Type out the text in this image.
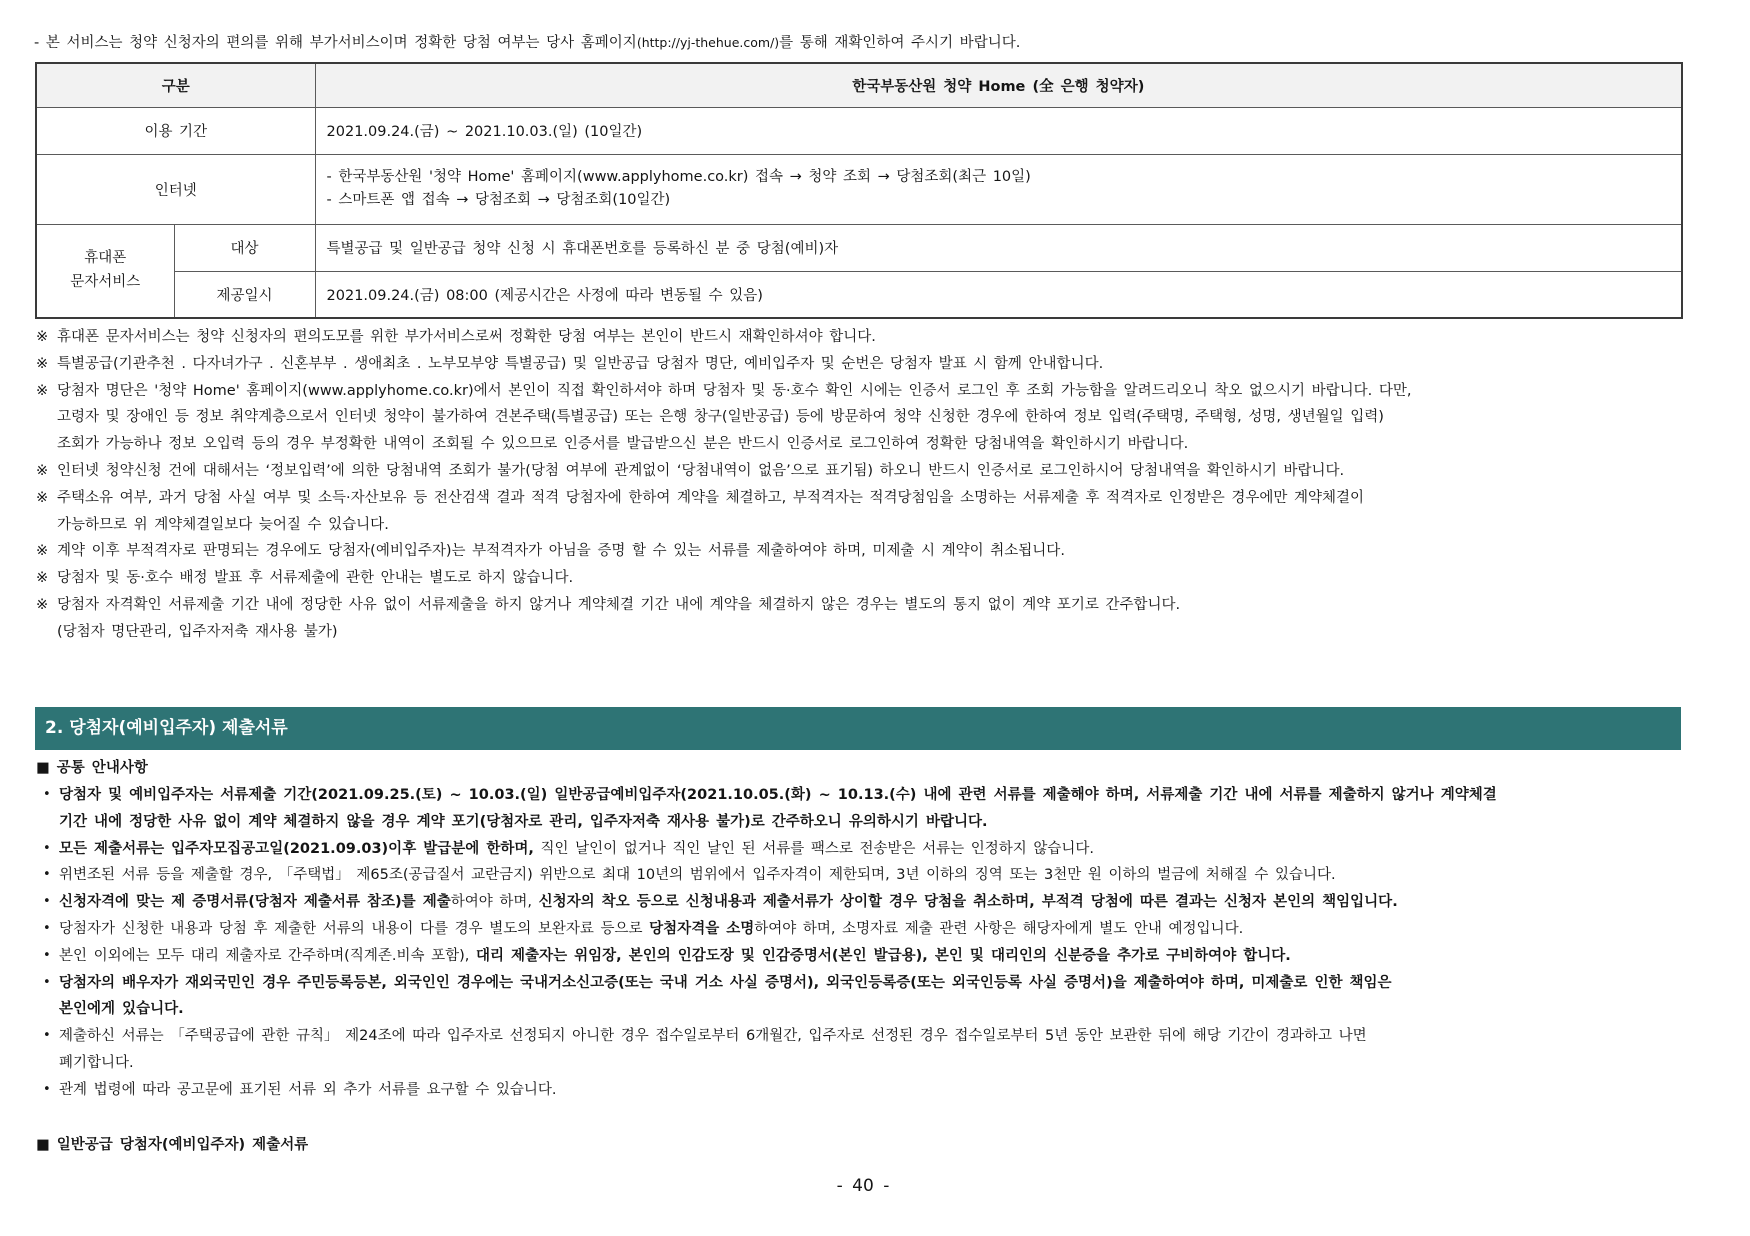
- 본 서비스는 청약 신청자의 편의를 위해 부가서비스이며 정확한 당첨 여부는 당사 홈페이지(http://yj-thehue.com/)를 통해 재확인하여 주시기 바랍니다.
구분		한국부동산원 청약 Home (全 은행 청약자)
이용 기간		2021.09.24.(금) ~ 2021.10.03.(일) (10일간)
인터넷		- 한국부동산원 '청약 Home' 홈페이지(www.applyhome.co.kr) 접속 → 청약 조회 → 당첨조회(최근 10일)
- 스마트폰 앱 접속 → 당첨조회 → 당첨조회(10일간)

휴대폰
문자서비스	대상	특별공급 및 일반공급 청약 신청 시 휴대폰번호를 등록하신 분 중 당첨(예비)자
	제공일시	2021.09.24.(금) 08:00 (제공시간은 사정에 따라 변동될 수 있음)
※ 휴대폰 문자서비스는 청약 신청자의 편의도모를 위한 부가서비스로써 정확한 당첨 여부는 본인이 반드시 재확인하셔야 합니다.
※ 특별공급(기관추천 . 다자녀가구 . 신혼부부 . 생애최초 . 노부모부양 특별공급) 및 일반공급 당첨자 명단, 예비입주자 및 순번은 당첨자 발표 시 함께 안내합니다.
※ 당첨자 명단은 '청약 Home' 홈페이지(www.applyhome.co.kr)에서 본인이 직접 확인하셔야 하며 당첨자 및 동·호수 확인 시에는 인증서 로그인 후 조회 가능함을 알려드리오니 착오 없으시기 바랍니다. 다만,
고령자 및 장애인 등 정보 취약계층으로서 인터넷 청약이 불가하여 견본주택(특별공급) 또는 은행 창구(일반공급) 등에 방문하여 청약 신청한 경우에 한하여 정보 입력(주택명, 주택형, 성명, 생년월일 입력)
조회가 가능하나 정보 오입력 등의 경우 부정확한 내역이 조회될 수 있으므로 인증서를 발급받으신 분은 반드시 인증서로 로그인하여 정확한 당첨내역을 확인하시기 바랍니다.
※ 인터넷 청약신청 건에 대해서는 ‘정보입력’에 의한 당첨내역 조회가 불가(당첨 여부에 관계없이 ‘당첨내역이 없음’으로 표기됨) 하오니 반드시 인증서로 로그인하시어 당첨내역을 확인하시기 바랍니다.
※ 주택소유 여부, 과거 당첨 사실 여부 및 소득·자산보유 등 전산검색 결과 적격 당첨자에 한하여 계약을 체결하고, 부적격자는 적격당첨임을 소명하는 서류제출 후 적격자로 인정받은 경우에만 계약체결이
가능하므로 위 계약체결일보다 늦어질 수 있습니다.
※ 계약 이후 부적격자로 판명되는 경우에도 당첨자(예비입주자)는 부적격자가 아님을 증명 할 수 있는 서류를 제출하여야 하며, 미제출 시 계약이 취소됩니다.
※ 당첨자 및 동·호수 배정 발표 후 서류제출에 관한 안내는 별도로 하지 않습니다.
※ 당첨자 자격확인 서류제출 기간 내에 정당한 사유 없이 서류제출을 하지 않거나 계약체결 기간 내에 계약을 체결하지 않은 경우는 별도의 통지 없이 계약 포기로 간주합니다.
(당첨자 명단관리, 입주자저축 재사용 불가)
2. 당첨자(예비입주자) 제출서류
■ 공통 안내사항
• 당첨자 및 예비입주자는 서류제출 기간(2021.09.25.(토) ~ 10.03.(일) 일반공급예비입주자(2021.10.05.(화) ~ 10.13.(수) 내에 관련 서류를 제출해야 하며, 서류제출 기간 내에 서류를 제출하지 않거나 계약체결
기간 내에 정당한 사유 없이 계약 체결하지 않을 경우 계약 포기(당첨자로 관리, 입주자저축 재사용 불가)로 간주하오니 유의하시기 바랍니다.
• 모든 제출서류는 입주자모집공고일(2021.09.03)이후 발급분에 한하며, 직인 날인이 없거나 직인 날인 된 서류를 팩스로 전송받은 서류는 인정하지 않습니다.
• 위변조된 서류 등을 제출할 경우, 「주택법」 제65조(공급질서 교란금지) 위반으로 최대 10년의 범위에서 입주자격이 제한되며, 3년 이하의 징역 또는 3천만 원 이하의 벌금에 처해질 수 있습니다.
• 신청자격에 맞는 제 증명서류(당첨자 제출서류 참조)를 제출하여야 하며, 신청자의 착오 등으로 신청내용과 제출서류가 상이할 경우 당첨을 취소하며, 부적격 당첨에 따른 결과는 신청자 본인의 책임입니다.
• 당첨자가 신청한 내용과 당첨 후 제출한 서류의 내용이 다를 경우 별도의 보완자료 등으로 당첨자격을 소명하여야 하며, 소명자료 제출 관련 사항은 해당자에게 별도 안내 예정입니다.
• 본인 이외에는 모두 대리 제출자로 간주하며(직계존.비속 포함), 대리 제출자는 위임장, 본인의 인감도장 및 인감증명서(본인 발급용), 본인 및 대리인의 신분증을 추가로 구비하여야 합니다.
• 당첨자의 배우자가 재외국민인 경우 주민등록등본, 외국인인 경우에는 국내거소신고증(또는 국내 거소 사실 증명서), 외국인등록증(또는 외국인등록 사실 증명서)을 제출하여야 하며, 미제출로 인한 책임은
본인에게 있습니다.
• 제출하신 서류는 「주택공급에 관한 규칙」 제24조에 따라 입주자로 선정되지 아니한 경우 접수일로부터 6개월간, 입주자로 선정된 경우 접수일로부터 5년 동안 보관한 뒤에 해당 기간이 경과하고 나면
폐기합니다.
• 관계 법령에 따라 공고문에 표기된 서류 외 추가 서류를 요구할 수 있습니다.
■ 일반공급 당첨자(예비입주자) 제출서류
- 40 -
